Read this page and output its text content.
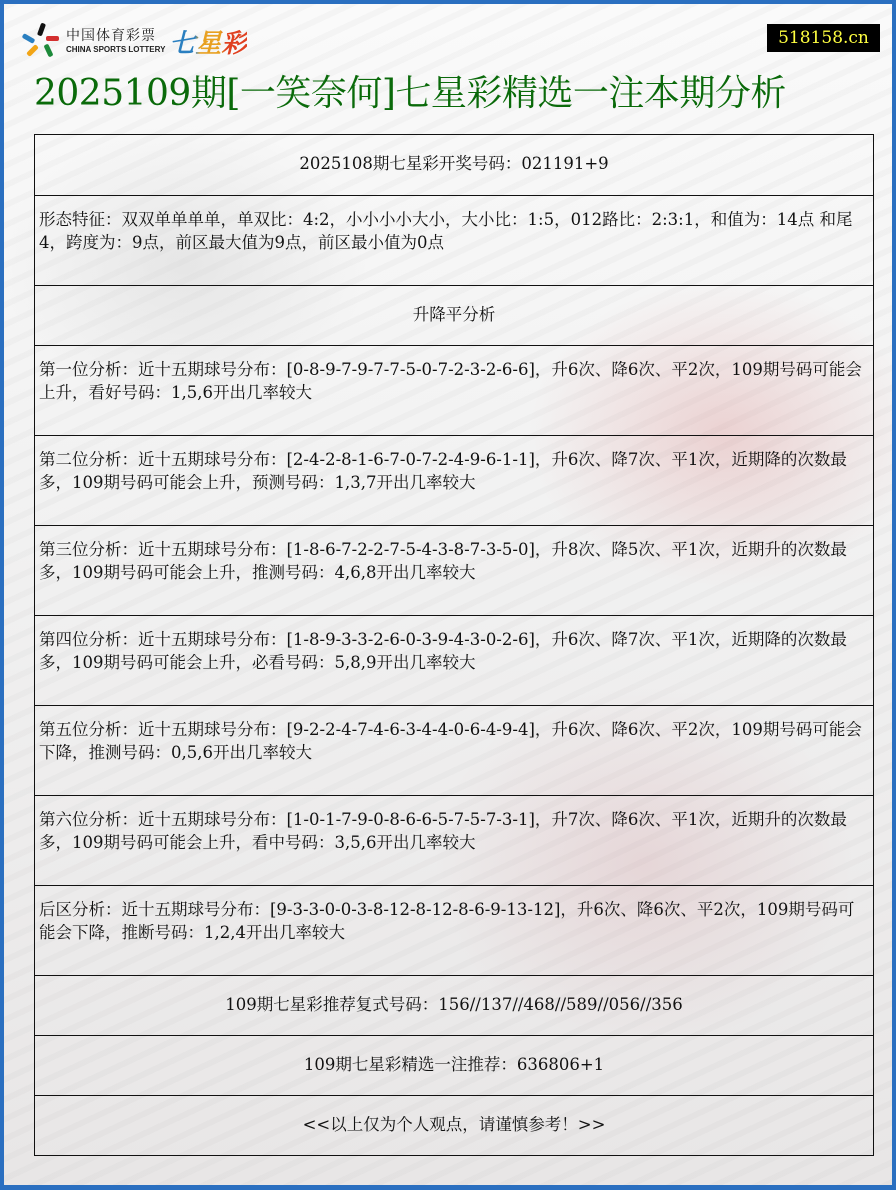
中国体育彩票
CHINA SPORTS LOTTERY 七星彩	518158.cn
2025109期[一笑奈何]七星彩精选一注本期分析
2025108期七星彩开奖号码：021191+9
形态特征：双双单单单单，单双比：4:2，小小小小大小，大小比：1:5，012路比：2:3:1，和值为：14点 和尾4，跨度为：9点，前区最大值为9点，前区最小值为0点
升降平分析
第一位分析：近十五期球号分布：[0-8-9-7-9-7-7-5-0-7-2-3-2-6-6]，升6次、降6次、平2次，109期号码可能会上升，看好号码：1,5,6开出几率较大
第二位分析：近十五期球号分布：[2-4-2-8-1-6-7-0-7-2-4-9-6-1-1]，升6次、降7次、平1次，近期降的次数最多，109期号码可能会上升，预测号码：1,3,7开出几率较大
第三位分析：近十五期球号分布：[1-8-6-7-2-2-7-5-4-3-8-7-3-5-0]，升8次、降5次、平1次，近期升的次数最多，109期号码可能会上升，推测号码：4,6,8开出几率较大
第四位分析：近十五期球号分布：[1-8-9-3-3-2-6-0-3-9-4-3-0-2-6]，升6次、降7次、平1次，近期降的次数最多，109期号码可能会上升，必看号码：5,8,9开出几率较大
第五位分析：近十五期球号分布：[9-2-2-4-7-4-6-3-4-4-0-6-4-9-4]，升6次、降6次、平2次，109期号码可能会下降，推测号码：0,5,6开出几率较大
第六位分析：近十五期球号分布：[1-0-1-7-9-0-8-6-6-5-7-5-7-3-1]，升7次、降6次、平1次，近期升的次数最多，109期号码可能会上升，看中号码：3,5,6开出几率较大
后区分析：近十五期球号分布：[9-3-3-0-0-3-8-12-8-12-8-6-9-13-12]，升6次、降6次、平2次，109期号码可能会下降，推断号码：1,2,4开出几率较大
109期七星彩推荐复式号码：156//137//468//589//056//356
109期七星彩精选一注推荐：636806+1
<<以上仅为个人观点，请谨慎参考！>>
